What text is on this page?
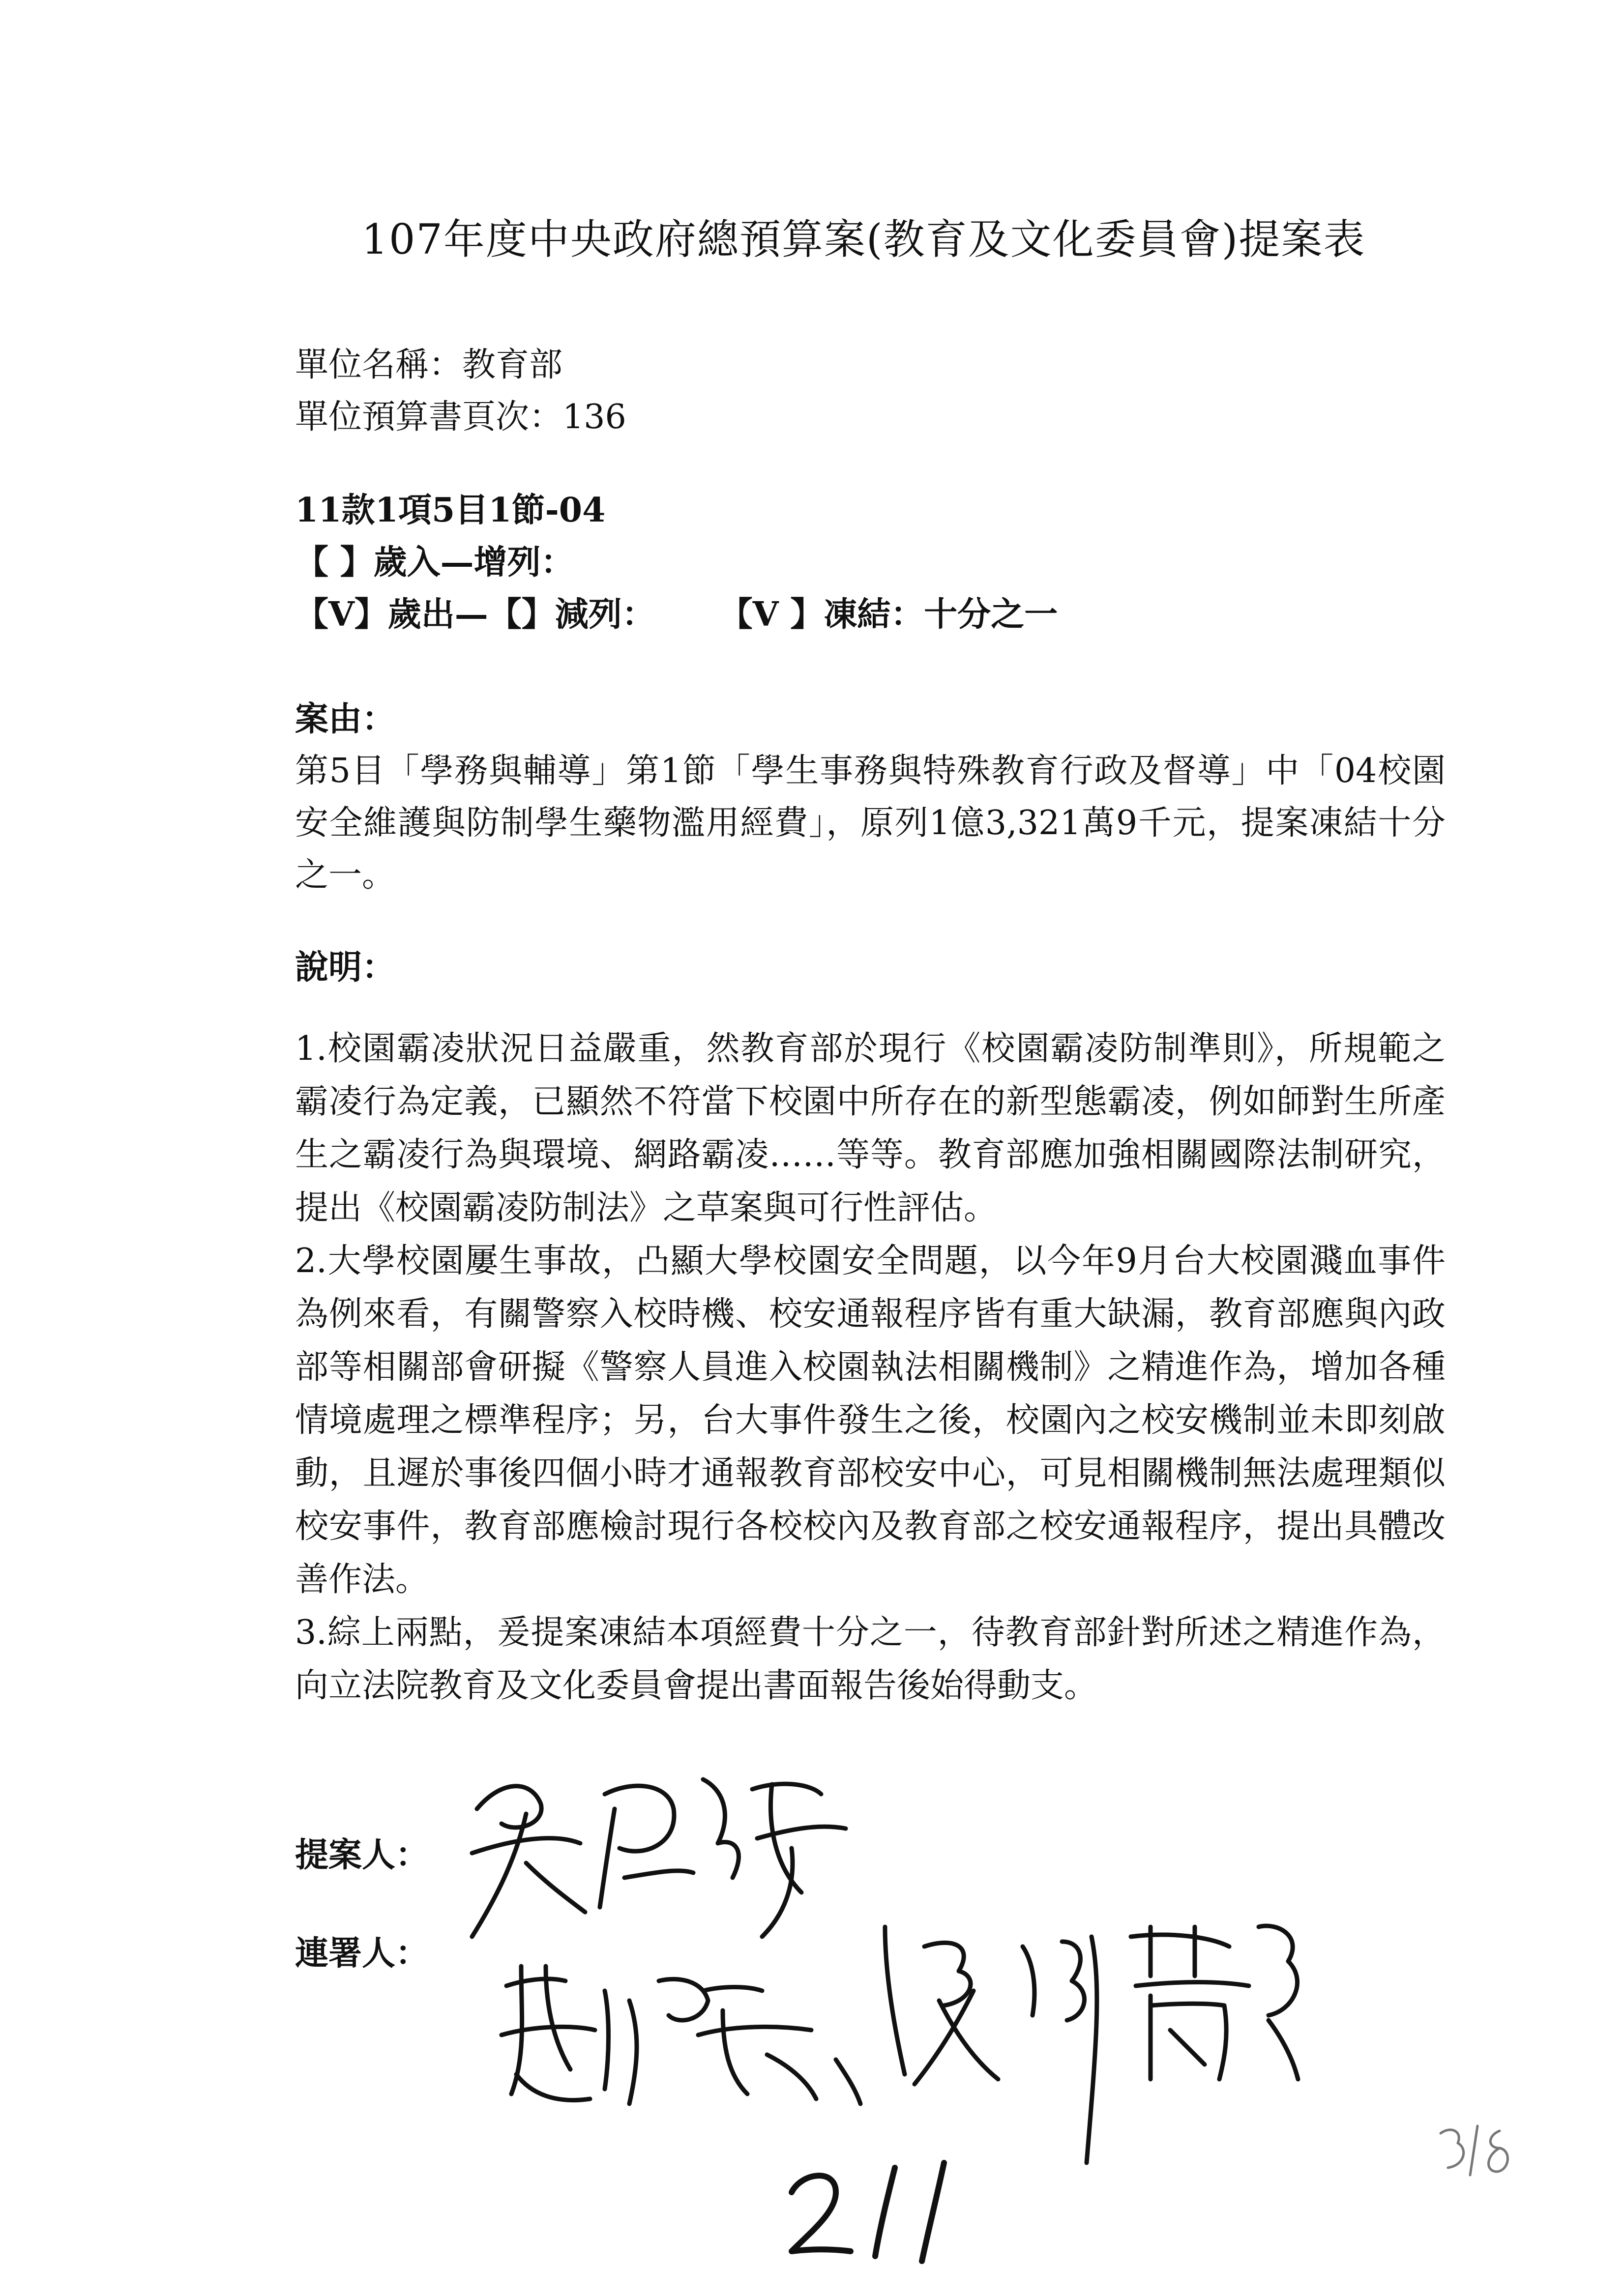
107年度中央政府總預算案(教育及文化委員會)提案表
單位名稱：教育部
單位預算書頁次：136
11款1項5目1節-04
【 】歲入—增列：
【V】歲出—【】減列： 【V 】凍結：十分之一
案由：
第5目「學務與輔導」第1節「學生事務與特殊教育行政及督導」中「04校園安全維護與防制學生藥物濫用經費」，原列1億3,321萬9千元，提案凍結十分之一。
說明：

1.校園霸凌狀況日益嚴重，然教育部於現行《校園霸凌防制準則》，所規範之霸凌行為定義，已顯然不符當下校園中所存在的新型態霸凌，例如師對生所產生之霸凌行為與環境、網路霸凌……等等。教育部應加強相關國際法制研究，提出《校園霸凌防制法》之草案與可行性評估。

2.大學校園屢生事故，凸顯大學校園安全問題，以今年9月台大校園濺血事件為例來看，有關警察入校時機、校安通報程序皆有重大缺漏，教育部應與內政部等相關部會研擬《警察人員進入校園執法相關機制》之精進作為，增加各種情境處理之標準程序；另，台大事件發生之後，校園內之校安機制並未即刻啟動，且遲於事後四個小時才通報教育部校安中心，可見相關機制無法處理類似校安事件，教育部應檢討現行各校校內及教育部之校安通報程序，提出具體改善作法。

3.綜上兩點，爰提案凍結本項經費十分之一，待教育部針對所述之精進作為，向立法院教育及文化委員會提出書面報告後始得動支。

提案人：
連署人：
